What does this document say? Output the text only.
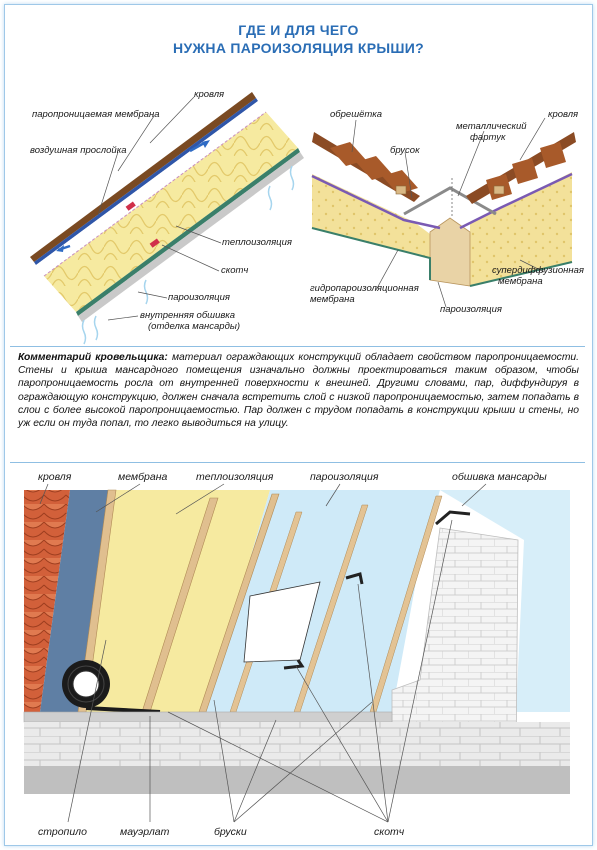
ГДЕ И ДЛЯ ЧЕГО
НУЖНА ПАРОИЗОЛЯЦИЯ КРЫШИ?
кровля
паропроницаемая мембрана
воздушная прослойка
теплоизоляция
скотч
пароизоляция
внутренняя обшивка
(отделка мансарды)
обрешётка
металлический
фартук
кровля
брусок
гидропароизоляционная
мембрана
супердиффузионная
мембрана
пароизоляция
Комментарий кровельщика: материал ограждающих конструкций обладает свойством паропроницаемости. Стены и крыша мансардного помещения изначально должны проектироваться таким образом, чтобы паропроницаемость росла от внутренней поверхности к внешней. Другими словами, пар, диффундируя в ограждающую конструкцию, должен сначала встретить слой с низкой паропроницаемостью, затем попадать в слои с более высокой паропроницаемостью. Пар должен с трудом попадать в конструкции крыши и стены, но уж если он туда попал, то легко выводиться на улицу.
кровля	мембрана	теплоизоляция	пароизоляция	обшивка мансарды
стропило	мауэрлат	бруски	скотч
